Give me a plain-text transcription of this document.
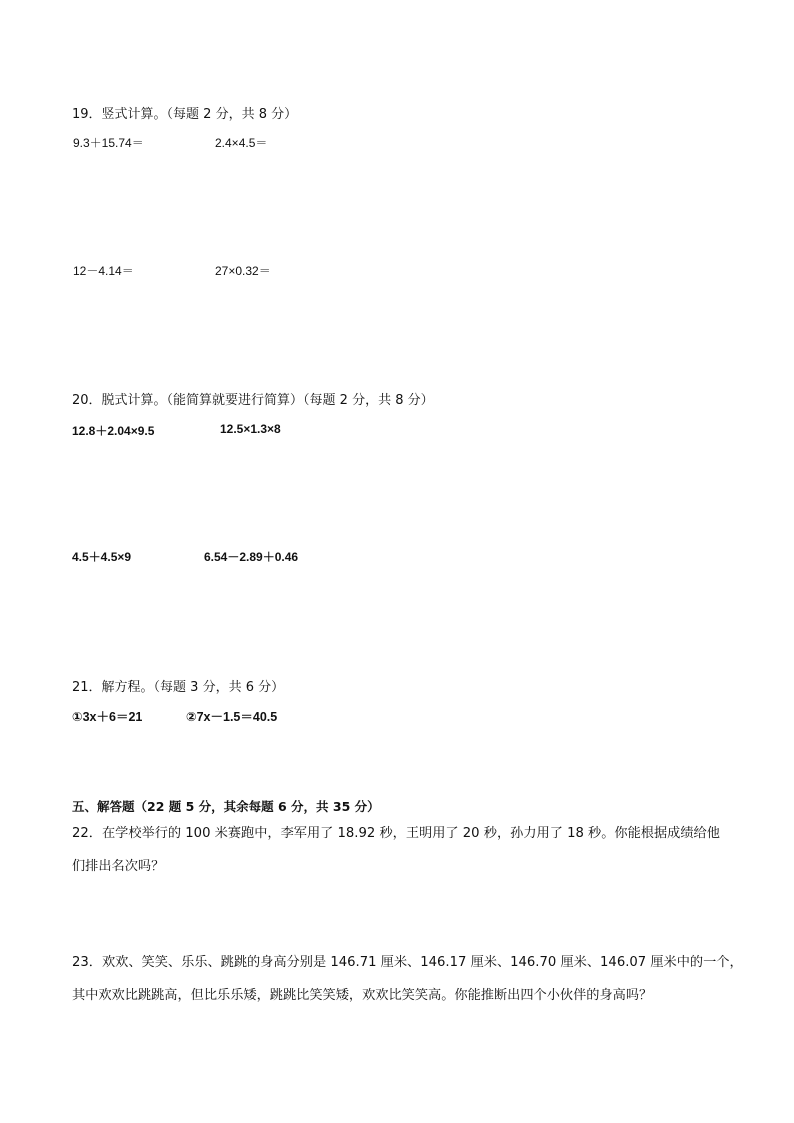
19．竖式计算。（每题 2 分，共 8 分）
9.3＋15.74＝	2.4×4.5＝
12－4.14＝	27×0.32＝
20．脱式计算。（能简算就要进行简算）（每题 2 分，共 8 分）
12.8＋2.04×9.5	12.5×1.3×8
4.5＋4.5×9	6.54－2.89＋0.46
21．解方程。（每题 3 分，共 6 分）
①3x＋6＝21	②7x－1.5＝40.5
五、解答题（22 题 5 分，其余每题 6 分，共 35 分）
22．在学校举行的 100 米赛跑中，李军用了 18.92 秒，王明用了 20 秒，孙力用了 18 秒。你能根据成绩给他
们排出名次吗？
23．欢欢、笑笑、乐乐、跳跳的身高分别是 146.71 厘米、146.17 厘米、146.70 厘米、146.07 厘米中的一个，
其中欢欢比跳跳高，但比乐乐矮，跳跳比笑笑矮，欢欢比笑笑高。你能推断出四个小伙伴的身高吗？
